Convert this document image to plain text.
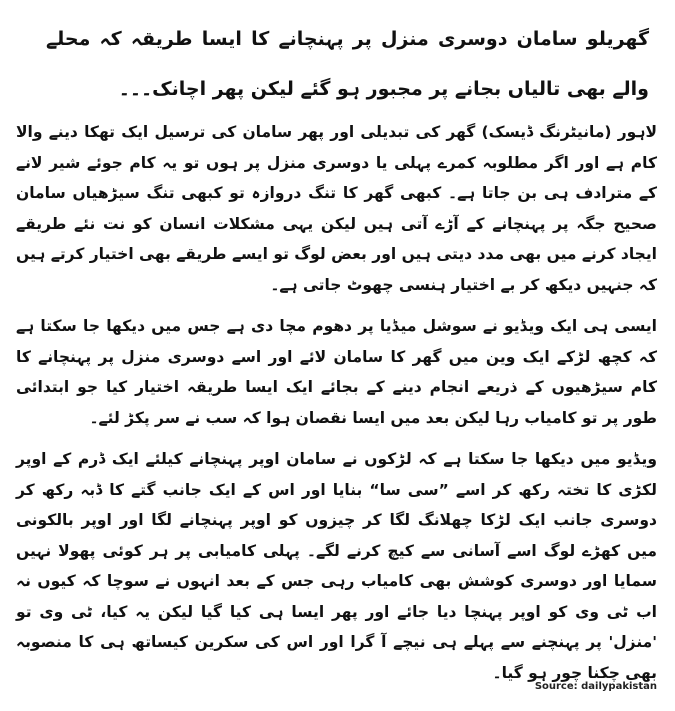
گھریلو سامان دوسری منزل پر پہنچانے کا ایسا طریقہ کہ محلے والے بھی تالیاں بجانے پر مجبور ہو گئے لیکن پھر اچانک۔۔۔

لاہور (مانیٹرنگ ڈیسک) گھر کی تبدیلی اور پھر سامان کی ترسیل ایک تھکا دینے والا کام ہے اور اگر مطلوبہ کمرے پہلی یا دوسری منزل پر ہوں تو یہ کام جوئے شیر لانے کے مترادف ہی بن جاتا ہے۔ کبھی گھر کا تنگ دروازہ تو کبھی تنگ سیڑھیاں سامان صحیح جگہ پر پہنچانے کے آڑے آتی ہیں لیکن یہی مشکلات انسان کو نت نئے طریقے ایجاد کرنے میں بھی مدد دیتی ہیں اور بعض لوگ تو ایسے طریقے بھی اختیار کرتے ہیں کہ جنہیں دیکھ کر بے اختیار ہنسی چھوٹ جاتی ہے۔

ایسی ہی ایک ویڈیو نے سوشل میڈیا پر دھوم مچا دی ہے جس میں دیکھا جا سکتا ہے کہ کچھ لڑکے ایک وین میں گھر کا سامان لائے اور اسے دوسری منزل پر پہنچانے کا کام سیڑھیوں کے ذریعے انجام دینے کے بجائے ایک ایسا طریقہ اختیار کیا جو ابتدائی طور پر تو کامیاب رہا لیکن بعد میں ایسا نقصان ہوا کہ سب نے سر پکڑ لئے۔

ویڈیو میں دیکھا جا سکتا ہے کہ لڑکوں نے سامان اوپر پہنچانے کیلئے ایک ڈرم کے اوپر لکڑی کا تختہ رکھ کر اسے ”سی سا“ بنایا اور اس کے ایک جانب گتے کا ڈبہ رکھ کر دوسری جانب ایک لڑکا چھلانگ لگا کر چیزوں کو اوپر پہنچانے لگا اور اوپر بالکونی میں کھڑے لوگ اسے آسانی سے کیچ کرنے لگے۔ پہلی کامیابی پر ہر کوئی پھولا نہیں سمایا اور دوسری کوشش بھی کامیاب رہی جس کے بعد انہوں نے سوچا کہ کیوں نہ اب ٹی وی کو اوپر پہنچا دیا جائے اور پھر ایسا ہی کیا گیا لیکن یہ کیا، ٹی وی تو 'منزل' پر پہنچنے سے پہلے ہی نیچے آ گرا اور اس کی سکرین کیساتھ ہی کا منصوبہ بھی چکنا چور ہو گیا۔

Source: dailypakistan
